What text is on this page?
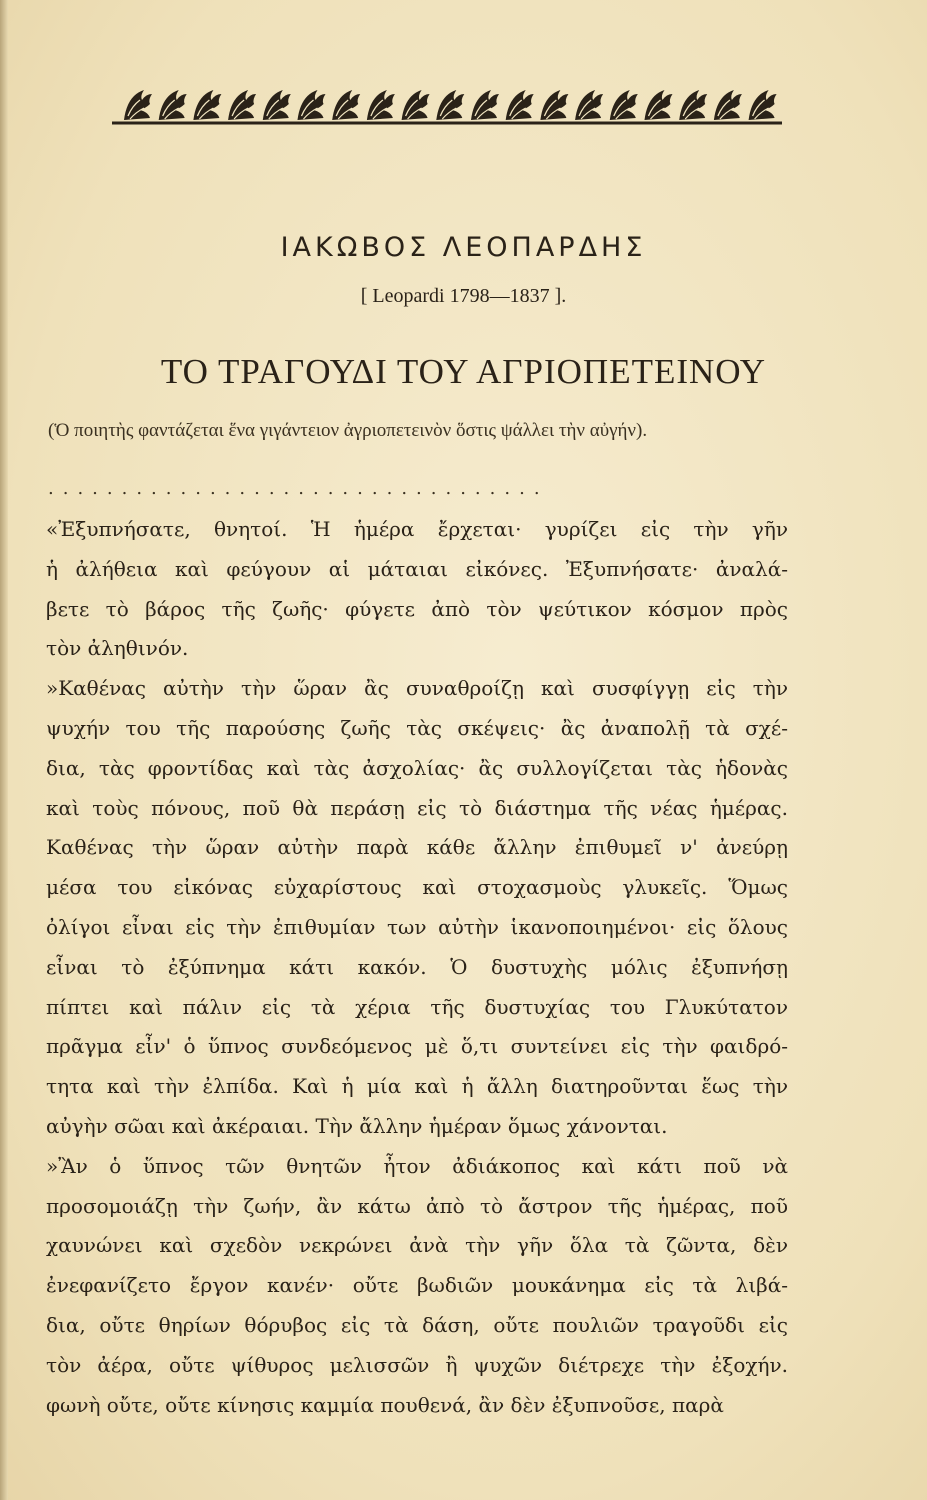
ΙΑΚΩΒΟΣ ΛΕΟΠΑΡΔΗΣ
[ Leopardi 1798—1837 ].
ΤΟ ΤΡΑΓΟΥΔΙ ΤΟΥ ΑΓΡΙΟΠΕΤΕΙΝΟΥ
(Ὁ ποιητὴς φαντάζεται ἕνα γιγάντειον ἀγριοπετεινὸν ὅστις ψάλλει τὴν αὐγήν).
..................................
«Ἐξυπνήσατε, θνητοί. Ἡ ἡμέρα ἔρχεται· γυρίζει εἰς τὴν γῆν
ἡ ἀλήθεια καὶ φεύγουν αἱ μάταιαι εἰκόνες. Ἐξυπνήσατε· ἀναλά-
βετε τὸ βάρος τῆς ζωῆς· φύγετε ἀπὸ τὸν ψεύτικον κόσμον πρὸς
τὸν ἀληθινόν.
»Καθένας αὐτὴν τὴν ὥραν ἂς συναθροίζῃ καὶ συσφίγγῃ εἰς τὴν
ψυχήν του τῆς παρούσης ζωῆς τὰς σκέψεις· ἂς ἀναπολῇ τὰ σχέ-
δια, τὰς φροντίδας καὶ τὰς ἀσχολίας· ἂς συλλογίζεται τὰς ἡδονὰς
καὶ τοὺς πόνους, ποῦ θὰ περάσῃ εἰς τὸ διάστημα τῆς νέας ἡμέρας.
Καθένας τὴν ὥραν αὐτὴν παρὰ κάθε ἄλλην ἐπιθυμεῖ ν' ἀνεύρῃ
μέσα του εἰκόνας εὐχαρίστους καὶ στοχασμοὺς γλυκεῖς. Ὅμως
ὀλίγοι εἶναι εἰς τὴν ἐπιθυμίαν των αὐτὴν ἱκανοποιημένοι· εἰς ὅλους
εἶναι τὸ ἐξύπνημα κάτι κακόν. Ὁ δυστυχὴς μόλις ἐξυπνήσῃ
πίπτει καὶ πάλιν εἰς τὰ χέρια τῆς δυστυχίας του Γλυκύτατον
πρᾶγμα εἶν' ὁ ὕπνος συνδεόμενος μὲ ὅ,τι συντείνει εἰς τὴν φαιδρό-
τητα καὶ τὴν ἐλπίδα. Καὶ ἡ μία καὶ ἡ ἄλλη διατηροῦνται ἕως τὴν
αὐγὴν σῶαι καὶ ἀκέραιαι. Τὴν ἄλλην ἡμέραν ὅμως χάνονται.
»Ἂν ὁ ὕπνος τῶν θνητῶν ἦτον ἀδιάκοπος καὶ κάτι ποῦ νὰ
προσομοιάζῃ τὴν ζωήν, ἂν κάτω ἀπὸ τὸ ἄστρον τῆς ἡμέρας, ποῦ
χαυνώνει καὶ σχεδὸν νεκρώνει ἀνὰ τὴν γῆν ὅλα τὰ ζῶντα, δὲν
ἐνεφανίζετο ἔργον κανέν· οὔτε βωδιῶν μουκάνημα εἰς τὰ λιβά-
δια, οὔτε θηρίων θόρυβος εἰς τὰ δάση, οὔτε πουλιῶν τραγοῦδι εἰς
τὸν ἀέρα, οὔτε ψίθυρος μελισσῶν ἢ ψυχῶν διέτρεχε τὴν ἐξοχήν.
φωνὴ οὔτε, οὔτε κίνησις καμμία πουθενά, ἂν δὲν ἐξυπνοῦσε, παρὰ
